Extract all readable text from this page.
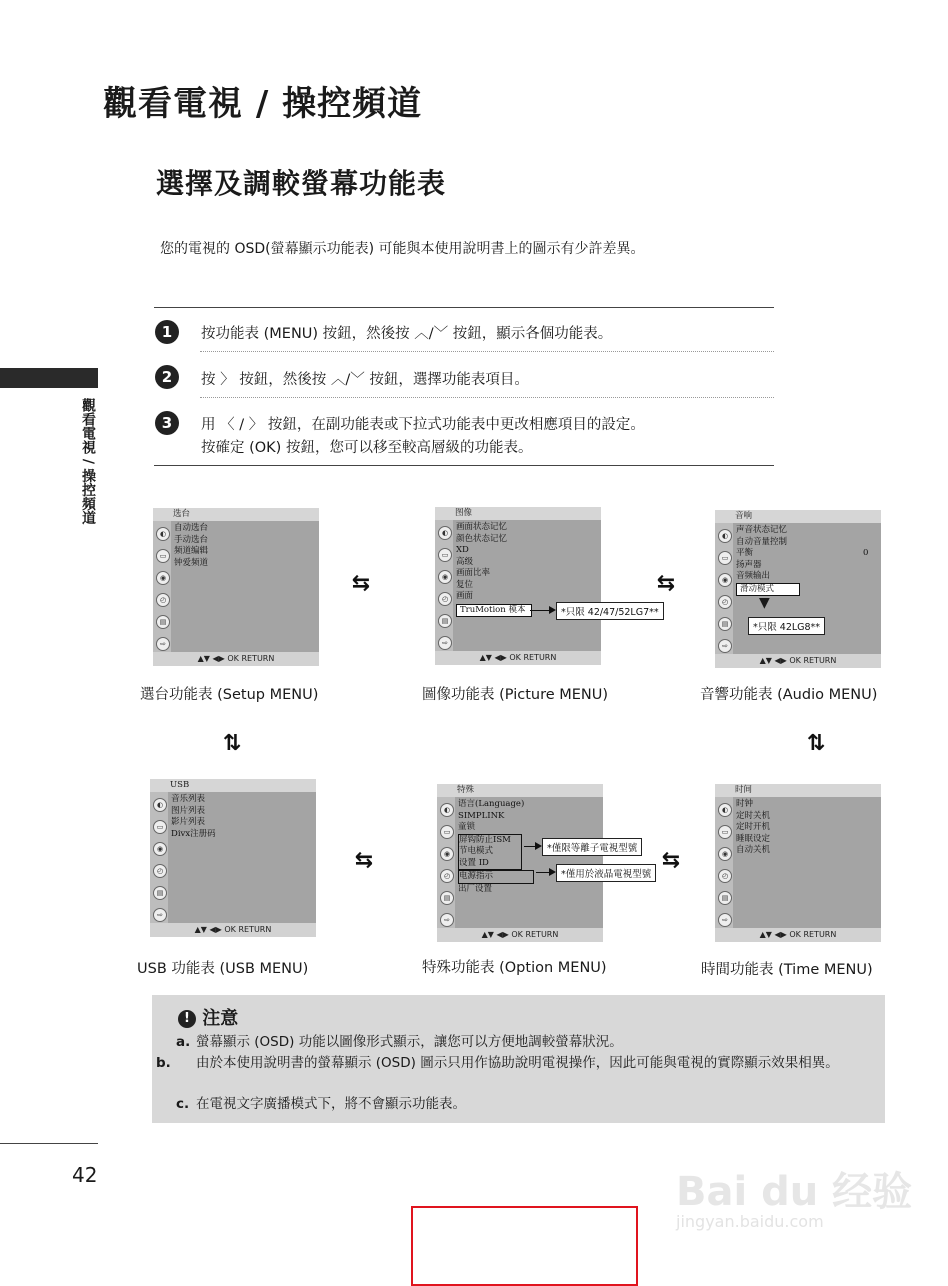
觀看電視 / 操控頻道
選擇及調較螢幕功能表
您的電視的 OSD(螢幕顯示功能表) 可能與本使用說明書上的圖示有少許差異。
觀看電視 / 操控頻道
1	按功能表 (MENU) 按鈕，然後按 ︿/﹀ 按鈕，顯示各個功能表。
2	按 〉 按鈕，然後按 ︿/﹀ 按鈕，選擇功能表項目。
3	用 〈 / 〉 按鈕，在副功能表或下拉式功能表中更改相應項目的設定。
按確定 (OK) 按鈕，您可以移至較高層級的功能表。
选台
◐
▭
◉
◴
▤
⇨
自动选台
手动选台
频道编辑
钟爱频道
▲▼ ◀▶ OK RETURN
選台功能表 (Setup MENU)
图像
◐
▭
◉
◴
▤
⇨
画面状态记忆
颜色状态记忆
XD
高级
画面比率
复位
画面
TruMotion 模本
▲▼ ◀▶ OK RETURN
*只限 42/47/52LG7**
圖像功能表 (Picture MENU)
音响
◐
▭
◉
◴
▤
⇨
声音状态记忆
自动音量控制
平衡
扬声器
音频输出
滑动模式
0
▲▼ ◀▶ OK RETURN
▼
*只限 42LG8**
音響功能表 (Audio MENU)
⇆	⇆
⇅	⇅
USB
◐
▭
◉
◴
▤
⇨
音乐列表
图片列表
影片列表
Divx注册码
▲▼ ◀▶ OK RETURN
USB 功能表 (USB MENU)
特殊
◐
▭
◉
◴
▤
⇨
语言(Language)
SIMPLINK
童锁
屏钩防止ISM
节电模式
设置 ID
电源指示
出厂设置
▲▼ ◀▶ OK RETURN
*僅限等離子電視型號
*僅用於液晶電視型號
特殊功能表 (Option MENU)
时间
◐
▭
◉
◴
▤
⇨
时钟
定时关机
定时开机
睡眠设定
自动关机
▲▼ ◀▶ OK RETURN
時間功能表 (Time MENU)
⇆	⇆
! 注意
a. 螢幕顯示 (OSD) 功能以圖像形式顯示，讓您可以方便地調較螢幕狀況。
b. 由於本使用說明書的螢幕顯示 (OSD) 圖示只用作協助說明電視操作，因此可能與電視的實際顯示效果相異。
c. 在電視文字廣播模式下，將不會顯示功能表。
42	Bai du 经验
jingyan.baidu.com
